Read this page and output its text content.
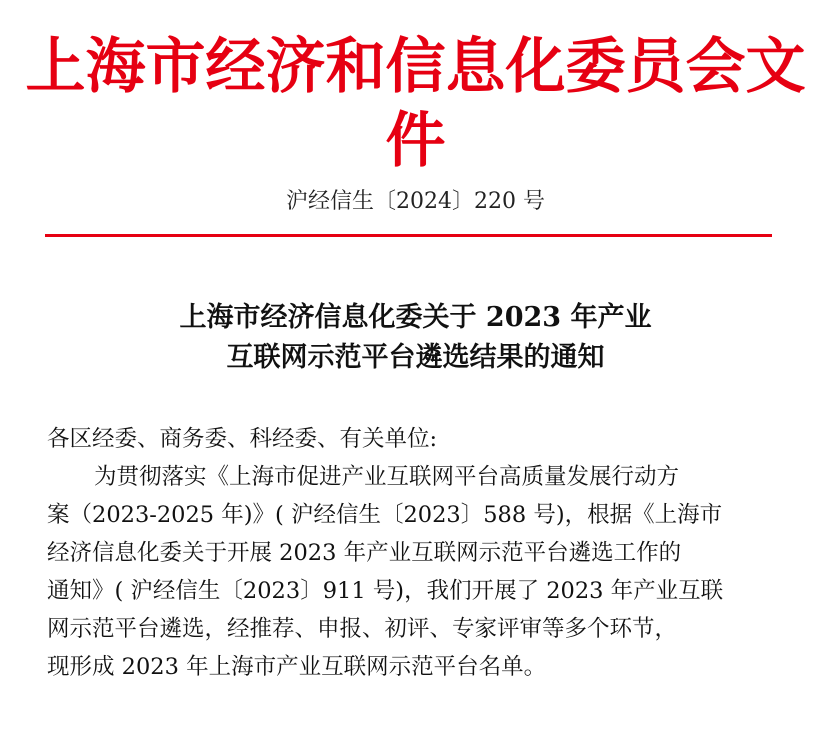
上海市经济和信息化委员会文件
沪经信生〔2024〕220 号
上海市经济信息化委关于 2023 年产业
互联网示范平台遴选结果的通知
各区经委、商务委、科经委、有关单位:
为贯彻落实《上海市促进产业互联网平台高质量发展行动方
案（2023-2025 年)》( 沪经信生〔2023〕588 号)，根据《上海市
经济信息化委关于开展 2023 年产业互联网示范平台遴选工作的
通知》( 沪经信生〔2023〕911 号)，我们开展了 2023 年产业互联
网示范平台遴选，经推荐、申报、初评、专家评审等多个环节，
现形成 2023 年上海市产业互联网示范平台名单。
